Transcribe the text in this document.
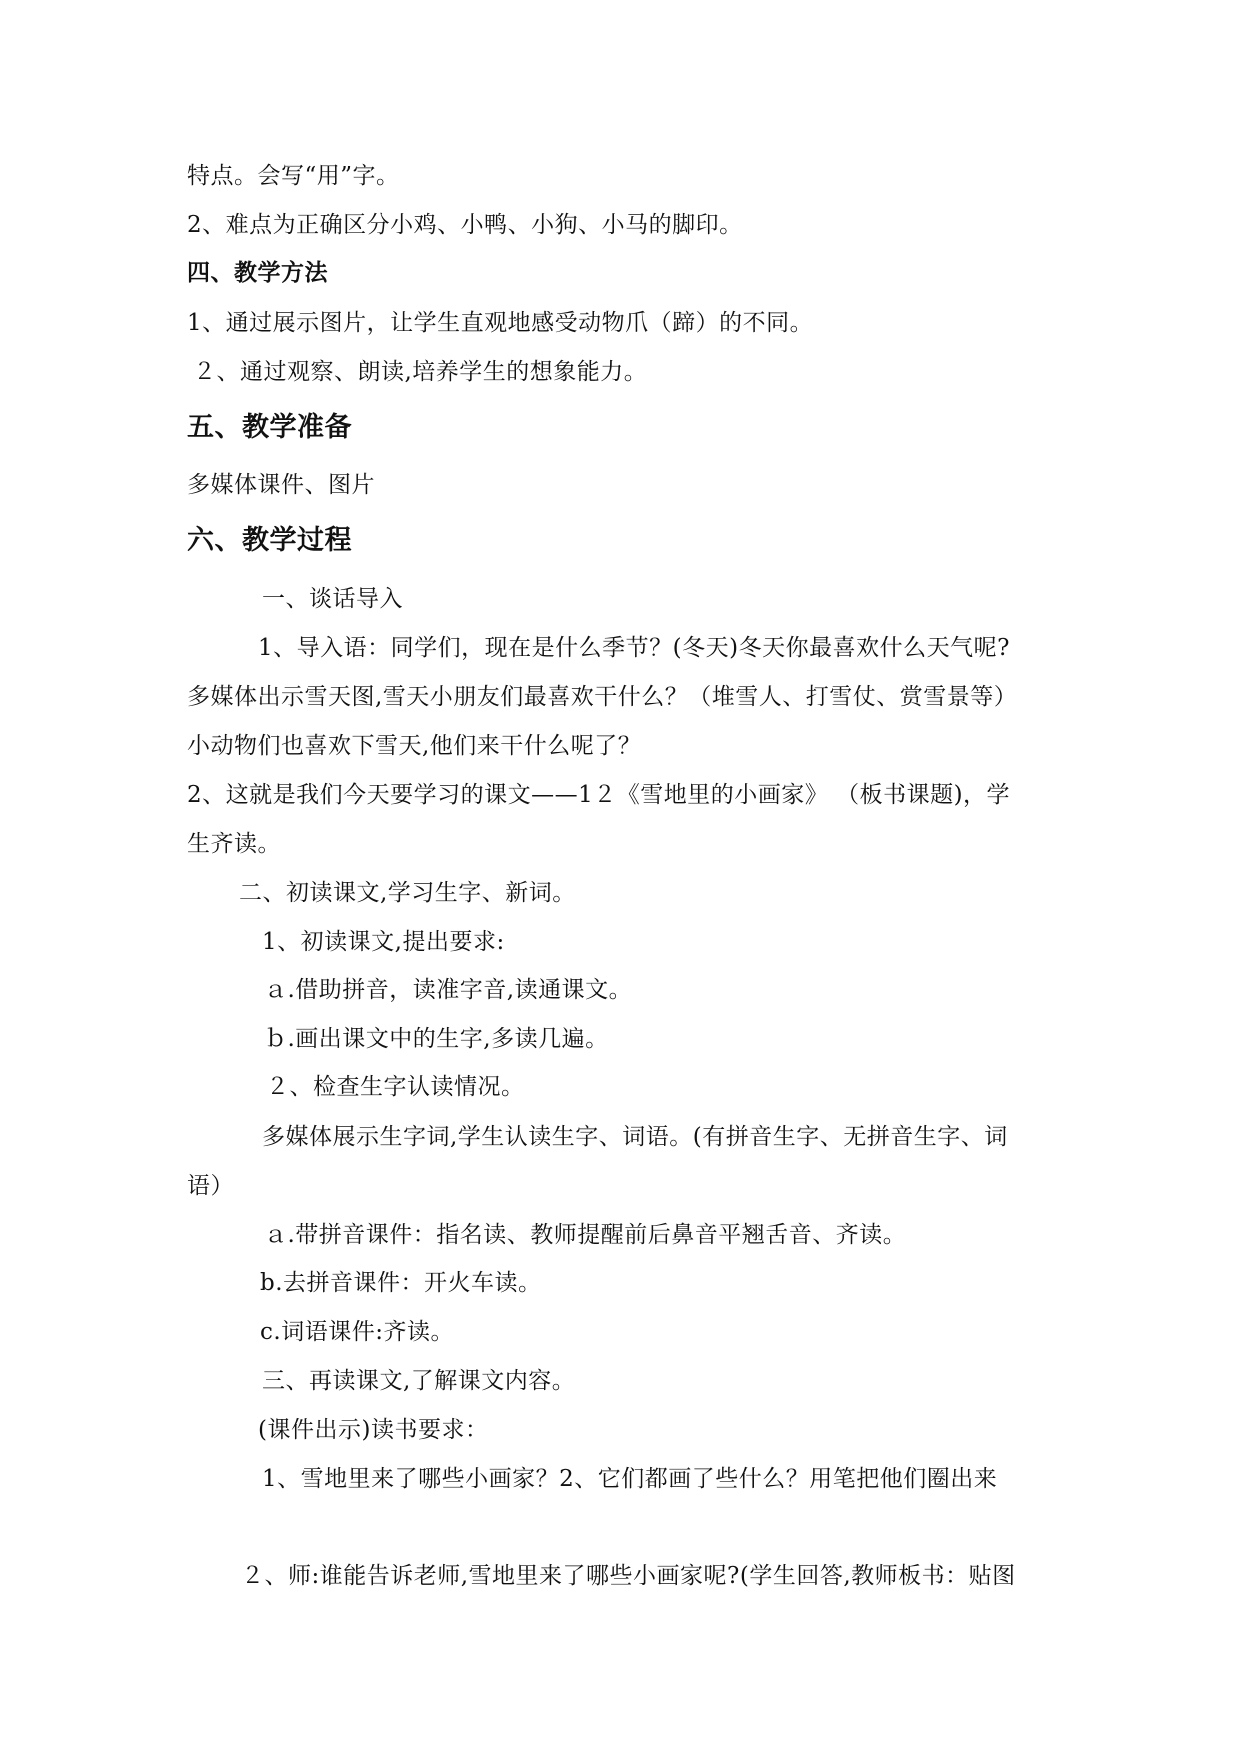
特点。会写“用”字。
2、难点为正确区分小鸡、小鸭、小狗、小马的脚印。
四、教学方法
1、通过展示图片，让学生直观地感受动物爪（蹄）的不同。
２、通过观察、朗读,培养学生的想象能力。
五、教学准备
多媒体课件、图片
六、教学过程
一、谈话导入
1、导入语：同学们，现在是什么季节？(冬天)冬天你最喜欢什么天气呢?
多媒体出示雪天图,雪天小朋友们最喜欢干什么？（堆雪人、打雪仗、赏雪景等）
小动物们也喜欢下雪天,他们来干什么呢了？
2、这就是我们今天要学习的课文——1２《雪地里的小画家》 （板书课题)，学
生齐读。
二、初读课文,学习生字、新词。
1、初读课文,提出要求:
ａ.借助拼音，读准字音,读通课文。
ｂ.画出课文中的生字,多读几遍。
２、检查生字认读情况。
多媒体展示生字词,学生认读生字、词语。(有拼音生字、无拼音生字、词
语）
ａ.带拼音课件：指名读、教师提醒前后鼻音平翘舌音、齐读。
b.去拼音课件：开火车读。
c.词语课件:齐读。
三、再读课文,了解课文内容。
(课件出示)读书要求：
1、雪地里来了哪些小画家？2、它们都画了些什么？用笔把他们圈出来
２、师:谁能告诉老师,雪地里来了哪些小画家呢?(学生回答,教师板书：贴图
